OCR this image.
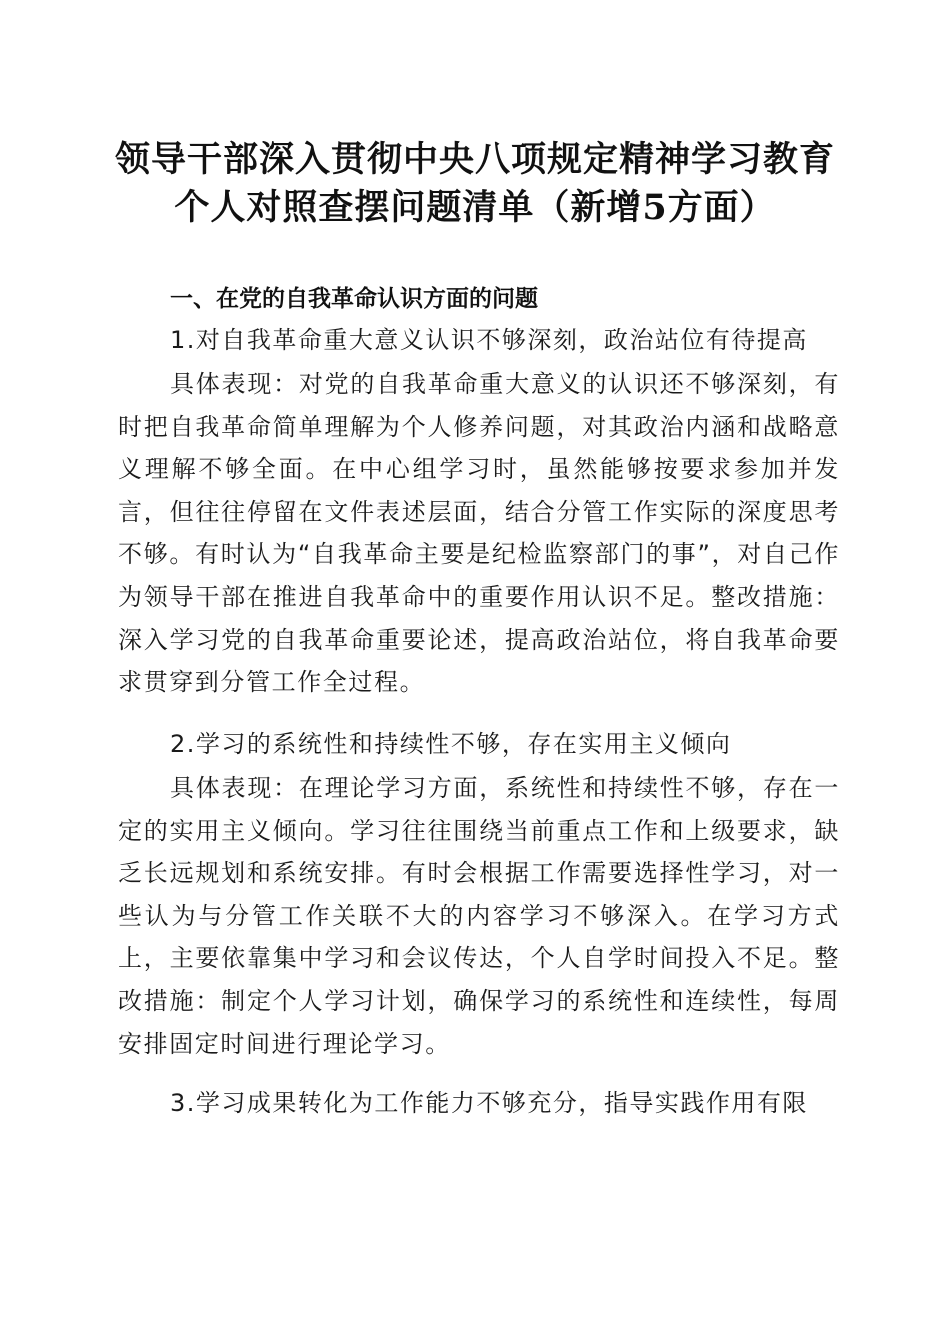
领导干部深入贯彻中央八项规定精神学习教育
个人对照查摆问题清单（新增5方面）
一、在党的自我革命认识方面的问题
1.对自我革命重大意义认识不够深刻，政治站位有待提高

具体表现：对党的自我革命重大意义的认识还不够深刻，有时把自我革命简单理解为个人修养问题，对其政治内涵和战略意义理解不够全面。在中心组学习时，虽然能够按要求参加并发言，但往往停留在文件表述层面，结合分管工作实际的深度思考不够。有时认为“自我革命主要是纪检监察部门的事”，对自己作为领导干部在推进自我革命中的重要作用认识不足。整改措施：深入学习党的自我革命重要论述，提高政治站位，将自我革命要求贯穿到分管工作全过程。

2.学习的系统性和持续性不够，存在实用主义倾向

具体表现：在理论学习方面，系统性和持续性不够，存在一定的实用主义倾向。学习往往围绕当前重点工作和上级要求，缺乏长远规划和系统安排。有时会根据工作需要选择性学习，对一些认为与分管工作关联不大的内容学习不够深入。在学习方式上，主要依靠集中学习和会议传达，个人自学时间投入不足。整改措施：制定个人学习计划，确保学习的系统性和连续性，每周安排固定时间进行理论学习。

3.学习成果转化为工作能力不够充分，指导实践作用有限
